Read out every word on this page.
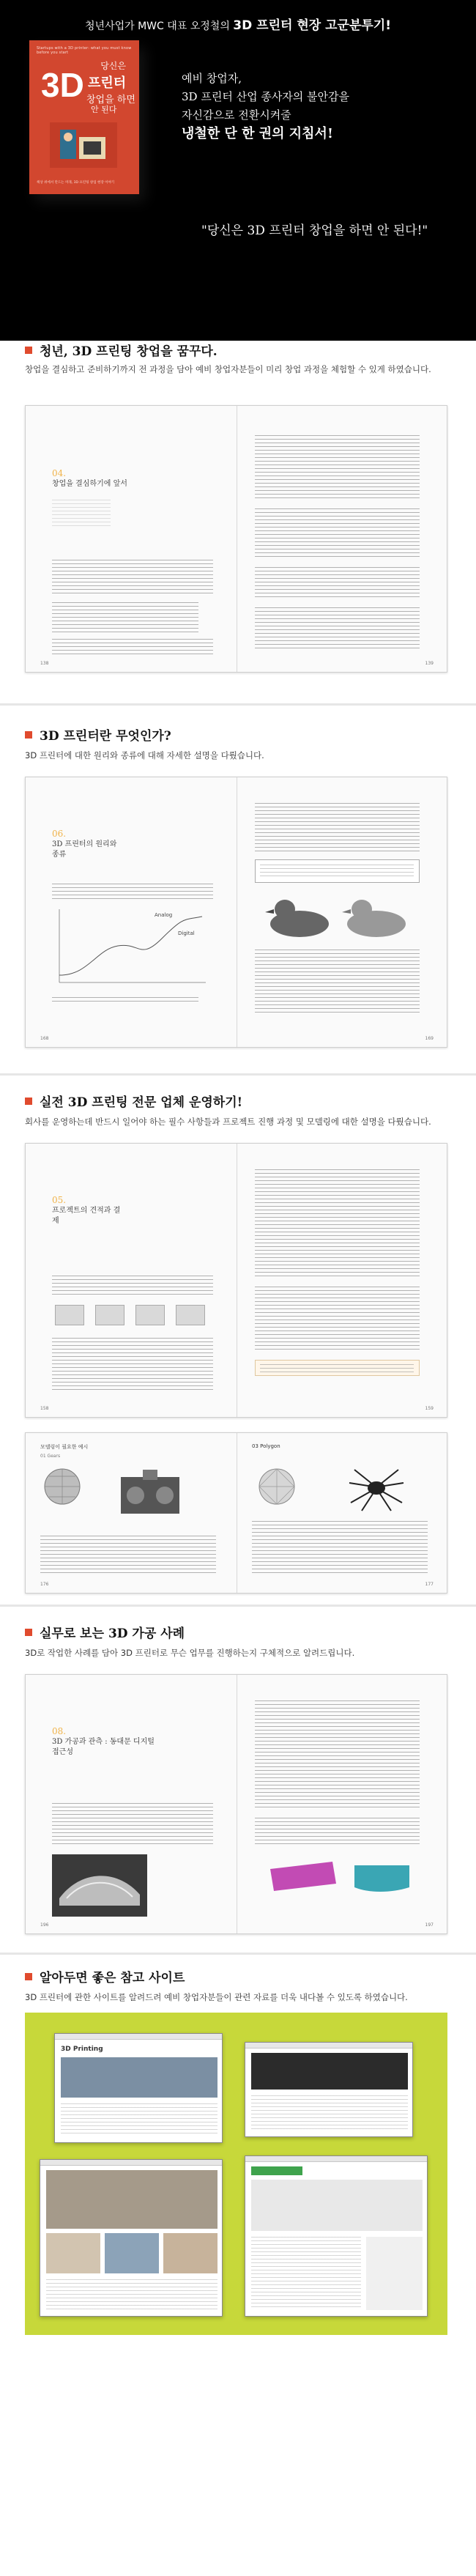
청년사업가 MWC 대표 오정철의 3D 프린터 현장 고군분투기!
Startups with a 3D printer: what you must know before you start
당신은
3D 프린터
창업을 하면
안 된다
책상 위에서 만드는 미래, 3D 프린팅 창업 현장 이야기
예비 창업자,
3D 프린터 산업 종사자의 불안감을
자신감으로 전환시켜줄
냉철한 단 한 권의 지침서!
"당신은 3D 프린터 창업을 하면 안 된다!"
청년, 3D 프린팅 창업을 꿈꾸다.
창업을 결심하고 준비하기까지 전 과정을 담아 예비 창업자분들이 미리 창업 과정을 체험할 수 있게 하였습니다.
04.
창업을 결심하기에 앞서
138	139
3D 프린터란 무엇인가?
3D 프린터에 대한 원리와 종류에 대해 자세한 설명을 다뤘습니다.
06.
3D 프린터의 원리와 종류
Analog
Digital
168	169
실전 3D 프린팅 전문 업체 운영하기!
회사를 운영하는데 반드시 일어야 하는 필수 사항들과 프로젝트 진행 과정 및 모델링에 대한 설명을 다뤘습니다.
05.
프로젝트의 견적과 결제
158	159
모델링이 필요한 예시
01 Gears
176
03 Polygon
177
실무로 보는 3D 가공 사례
3D로 작업한 사례를 담아 3D 프린터로 무슨 업무를 진행하는지 구체적으로 알려드립니다.
08.
3D 가공과 관측 : 동대문 디지털 접근성
196	197
알아두면 좋은 참고 사이트
3D 프린터에 관한 사이트를 알려드려 예비 창업자분들이 관련 자료를 더욱 내다볼 수 있도록 하였습니다.
3D Printing
